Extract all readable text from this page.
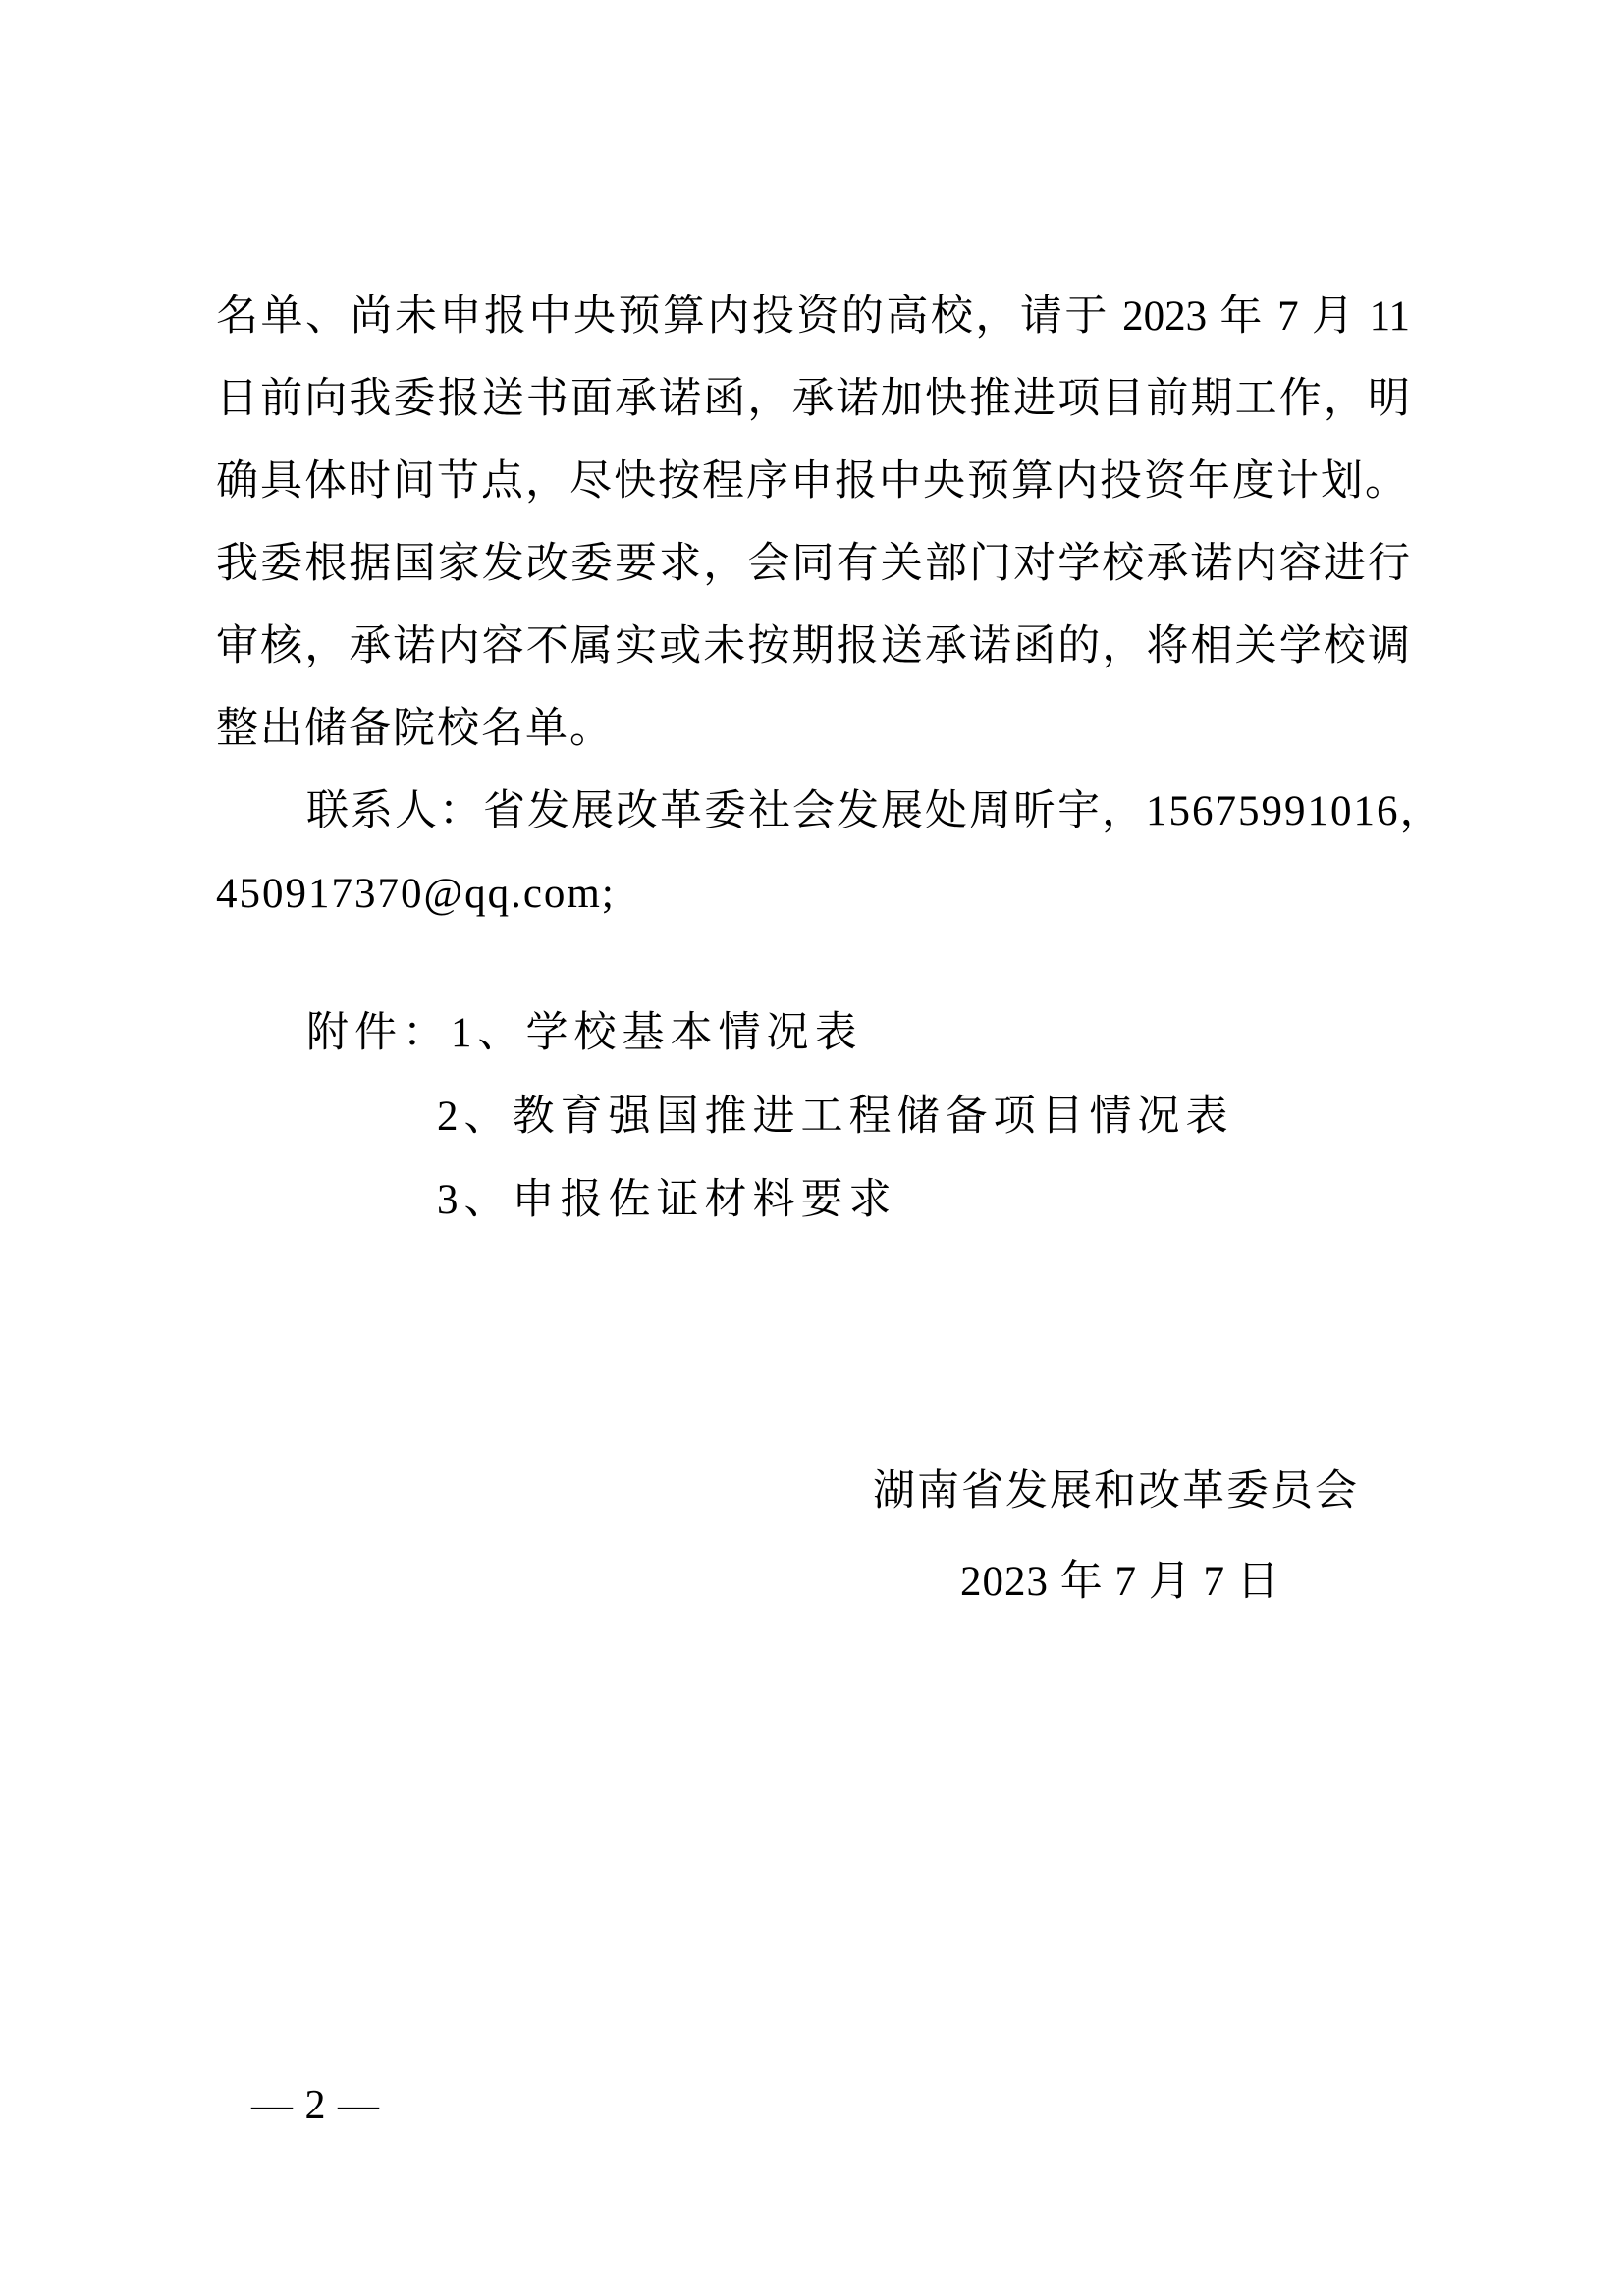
名单、尚未申报中央预算内投资的高校，请于 2023 年 7 月 11
日前向我委报送书面承诺函，承诺加快推进项目前期工作，明
确具体时间节点，尽快按程序申报中央预算内投资年度计划。
我委根据国家发改委要求，会同有关部门对学校承诺内容进行
审核，承诺内容不属实或未按期报送承诺函的，将相关学校调
整出储备院校名单。
联系人：省发展改革委社会发展处周昕宇，15675991016，
450917370@qq.com;
附件：1、学校基本情况表
2、教育强国推进工程储备项目情况表
3、申报佐证材料要求
湖南省发展和改革委员会
2023 年 7 月 7 日
— 2 —
